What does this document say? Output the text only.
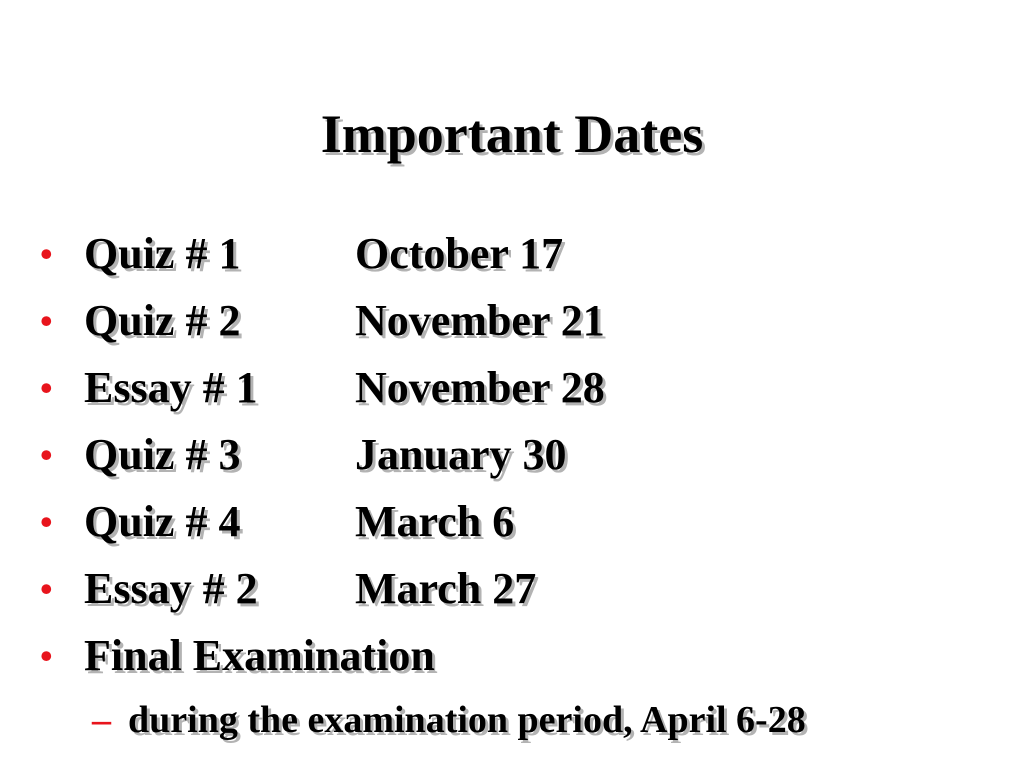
Important Dates
• Quiz # 1	October 17
• Quiz # 2	November 21
• Essay # 1 November 28
• Quiz # 3	January 30
• Quiz # 4	March 6
• Essay # 2 March 27
• Final Examination
– during the examination period, April 6-28
